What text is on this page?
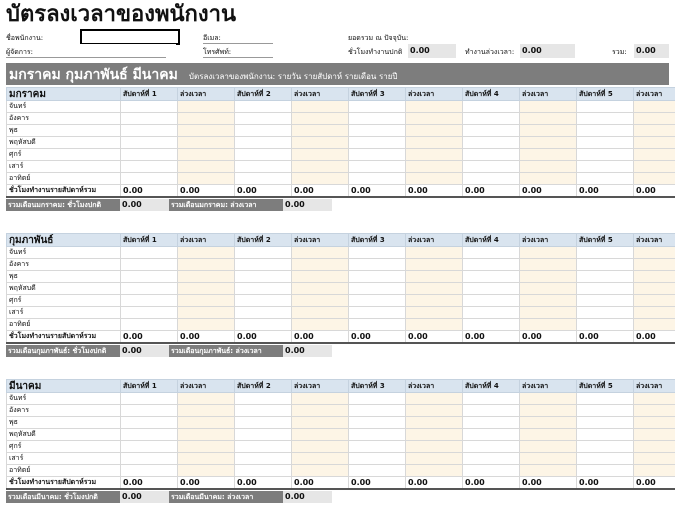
บัตรลงเวลาของพนักงาน
ชื่อพนักงาน:
ผู้จัดการ:
อีเมล:
โทรศัพท์:
ยอดรวม ณ ปัจจุบัน:
ชั่วโมงทำงานปกติ 0.00	ทำงานล่วงเวลา: 0.00	รวม: 0.00
มกราคม กุมภาพันธ์ มีนาคม บัตรลงเวลาของพนักงาน: รายวัน รายสัปดาห์ รายเดือน รายปี
มกราคม	สัปดาห์ที่ 1	ล่วงเวลา	สัปดาห์ที่ 2	ล่วงเวลา	สัปดาห์ที่ 3	ล่วงเวลา	สัปดาห์ที่ 4	ล่วงเวลา	สัปดาห์ที่ 5	ล่วงเวลา
จันทร์										
อังคาร										
พุธ										
พฤหัสบดี										
ศุกร์										
เสาร์										
อาทิตย์										
ชั่วโมงทำงานรายสัปดาห์รวม	0.00	0.00	0.00	0.00	0.00	0.00	0.00	0.00	0.00	0.00
รวมเดือนมกราคม: ชั่วโมงปกติ	0.00	รวมเดือนมกราคม: ล่วงเวลา	0.00
กุมภาพันธ์	สัปดาห์ที่ 1	ล่วงเวลา	สัปดาห์ที่ 2	ล่วงเวลา	สัปดาห์ที่ 3	ล่วงเวลา	สัปดาห์ที่ 4	ล่วงเวลา	สัปดาห์ที่ 5	ล่วงเวลา
จันทร์										
อังคาร										
พุธ										
พฤหัสบดี										
ศุกร์										
เสาร์										
อาทิตย์										
ชั่วโมงทำงานรายสัปดาห์รวม	0.00	0.00	0.00	0.00	0.00	0.00	0.00	0.00	0.00	0.00
รวมเดือนกุมภาพันธ์: ชั่วโมงปกติ	0.00	รวมเดือนกุมภาพันธ์: ล่วงเวลา	0.00
มีนาคม	สัปดาห์ที่ 1	ล่วงเวลา	สัปดาห์ที่ 2	ล่วงเวลา	สัปดาห์ที่ 3	ล่วงเวลา	สัปดาห์ที่ 4	ล่วงเวลา	สัปดาห์ที่ 5	ล่วงเวลา
จันทร์										
อังคาร										
พุธ										
พฤหัสบดี										
ศุกร์										
เสาร์										
อาทิตย์										
ชั่วโมงทำงานรายสัปดาห์รวม	0.00	0.00	0.00	0.00	0.00	0.00	0.00	0.00	0.00	0.00
รวมเดือนมีนาคม: ชั่วโมงปกติ	0.00	รวมเดือนมีนาคม: ล่วงเวลา	0.00
